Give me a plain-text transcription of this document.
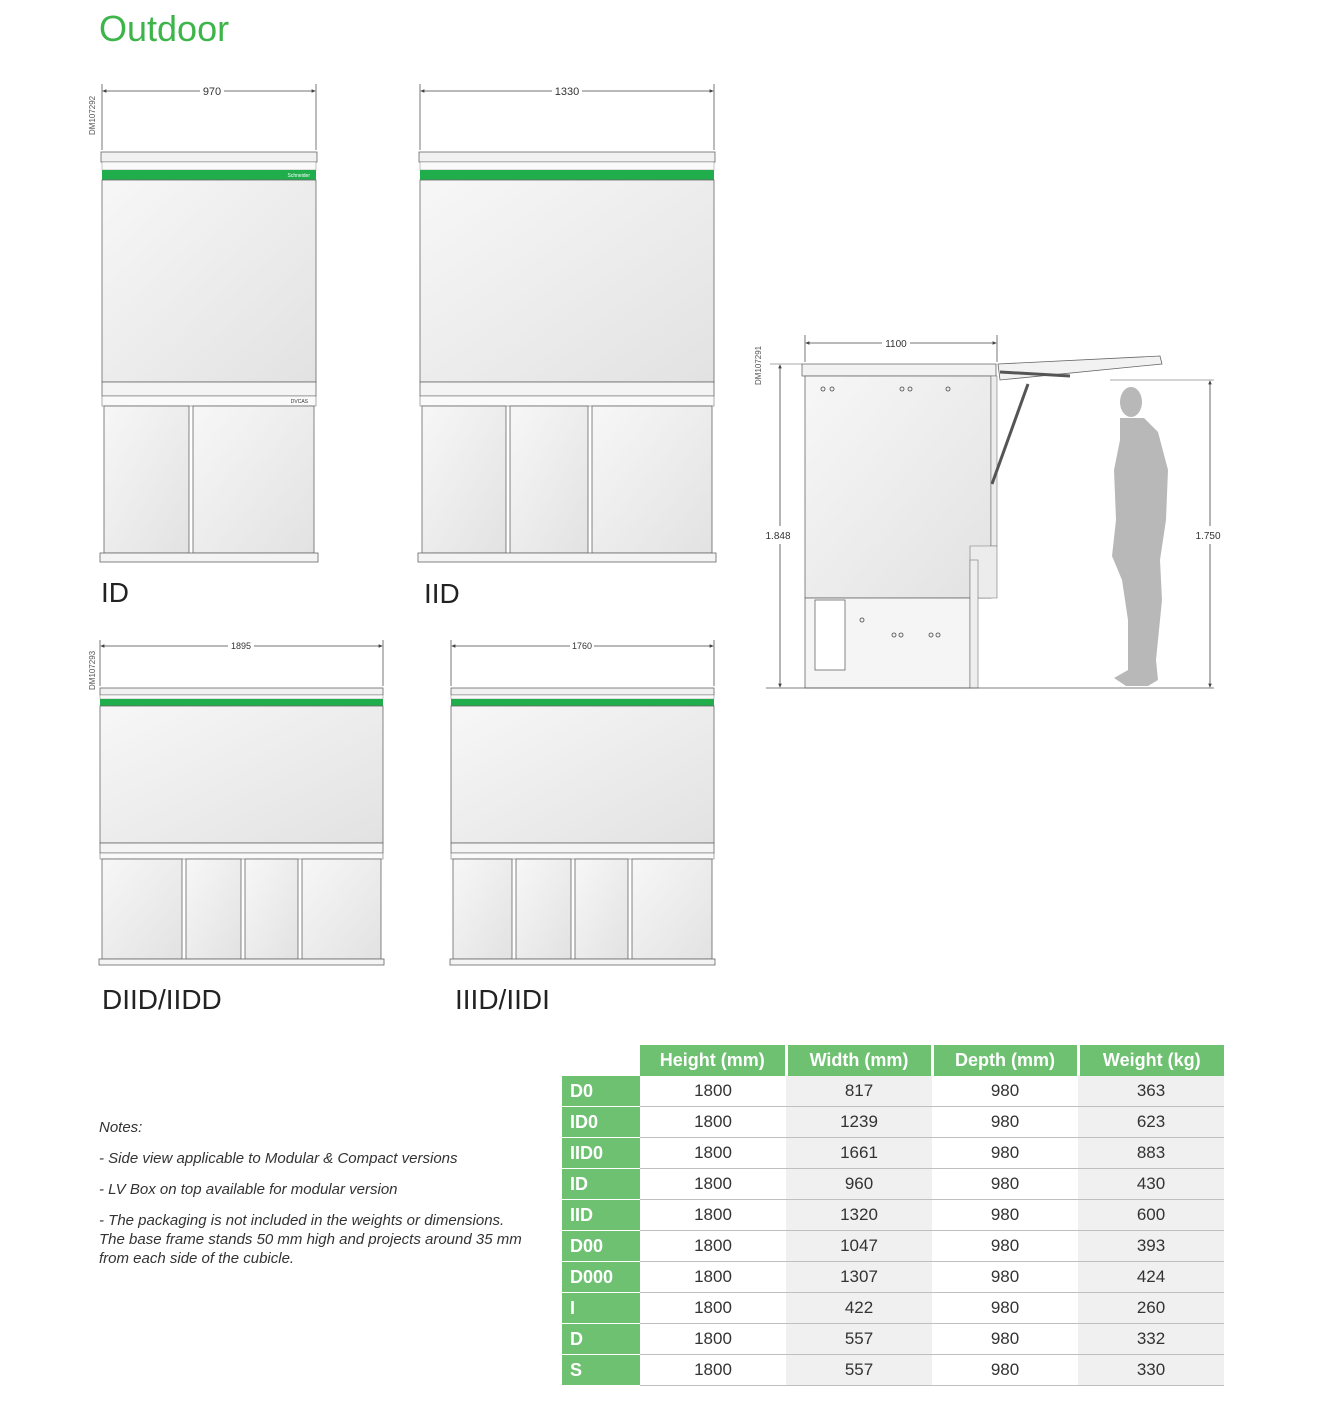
Outdoor
DM107292
970
Schneider
DVCAS
ID
1330
IID
DM107293
1895
DIID/IIDD
1760
IIID/IIDI
DM107291
1100
1.848	1.750

Notes:

- Side view applicable to Modular & Compact versions

- LV Box on top available for modular version

- The packaging is not included in the weights or dimensions. The base frame stands 50 mm high and projects around 35 mm from each side of the cubicle.

	Height (mm)	Width (mm)	Depth (mm)	Weight (kg)
D0	1800	817	980	363
ID0	1800	1239	980	623
IID0	1800	1661	980	883
ID	1800	960	980	430
IID	1800	1320	980	600
D00	1800	1047	980	393
D000	1800	1307	980	424
I	1800	422	980	260
D	1800	557	980	332
S	1800	557	980	330
